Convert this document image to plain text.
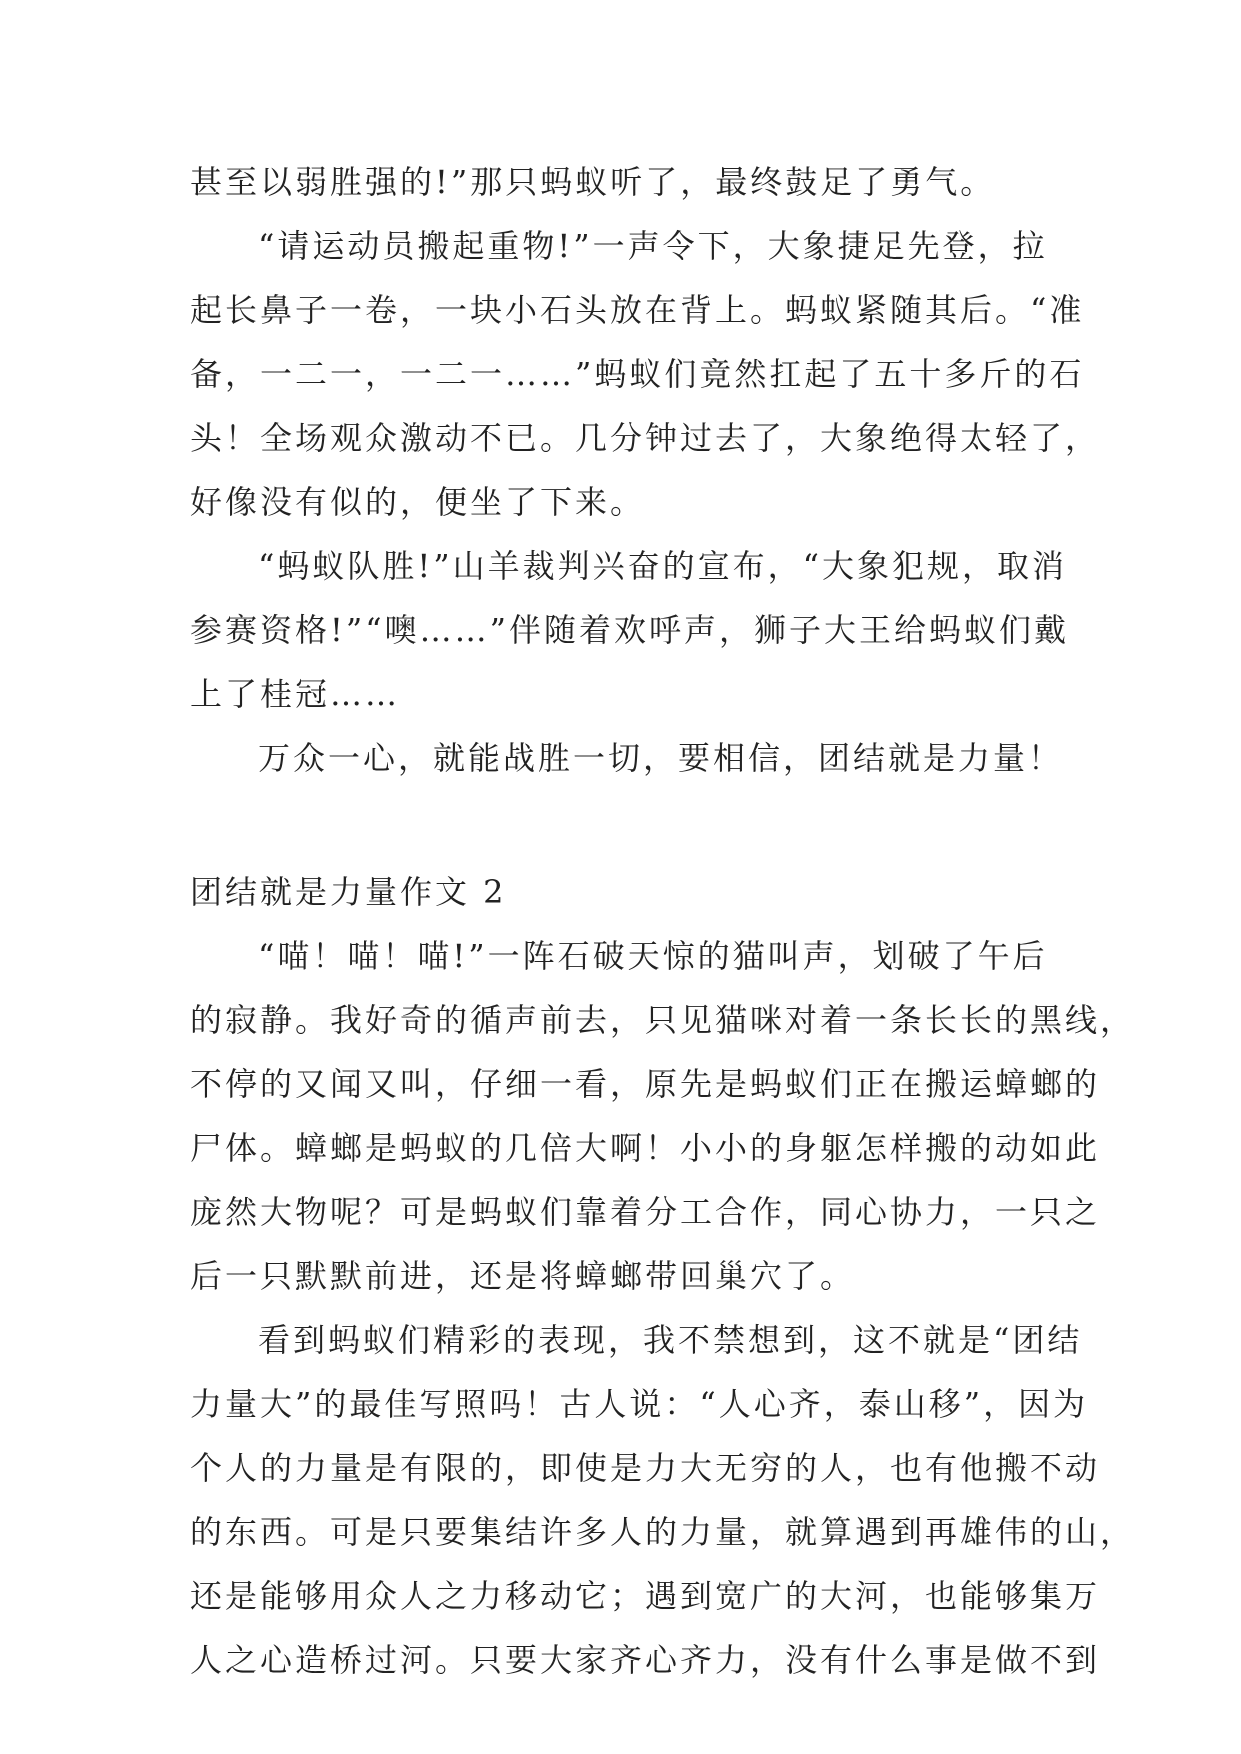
甚至以弱胜强的!”那只蚂蚁听了，最终鼓足了勇气。
“请运动员搬起重物!”一声令下，大象捷足先登，拉
起长鼻子一卷，一块小石头放在背上。蚂蚁紧随其后。“准
备，一二一，一二一……”蚂蚁们竟然扛起了五十多斤的石
头！全场观众激动不已。几分钟过去了，大象绝得太轻了，
好像没有似的，便坐了下来。
“蚂蚁队胜!”山羊裁判兴奋的宣布，“大象犯规，取消
参赛资格!”“噢……”伴随着欢呼声，狮子大王给蚂蚁们戴
上了桂冠……
万众一心，就能战胜一切，要相信，团结就是力量！
团结就是力量作文 2
“喵！喵！喵!”一阵石破天惊的猫叫声，划破了午后
的寂静。我好奇的循声前去，只见猫咪对着一条长长的黑线，
不停的又闻又叫，仔细一看，原先是蚂蚁们正在搬运蟑螂的
尸体。蟑螂是蚂蚁的几倍大啊！小小的身躯怎样搬的动如此
庞然大物呢？可是蚂蚁们靠着分工合作，同心协力，一只之
后一只默默前进，还是将蟑螂带回巢穴了。
看到蚂蚁们精彩的表现，我不禁想到，这不就是“团结
力量大”的最佳写照吗！古人说：“人心齐，泰山移”，因为
个人的力量是有限的，即使是力大无穷的人，也有他搬不动
的东西。可是只要集结许多人的力量，就算遇到再雄伟的山，
还是能够用众人之力移动它；遇到宽广的大河，也能够集万
人之心造桥过河。只要大家齐心齐力，没有什么事是做不到
